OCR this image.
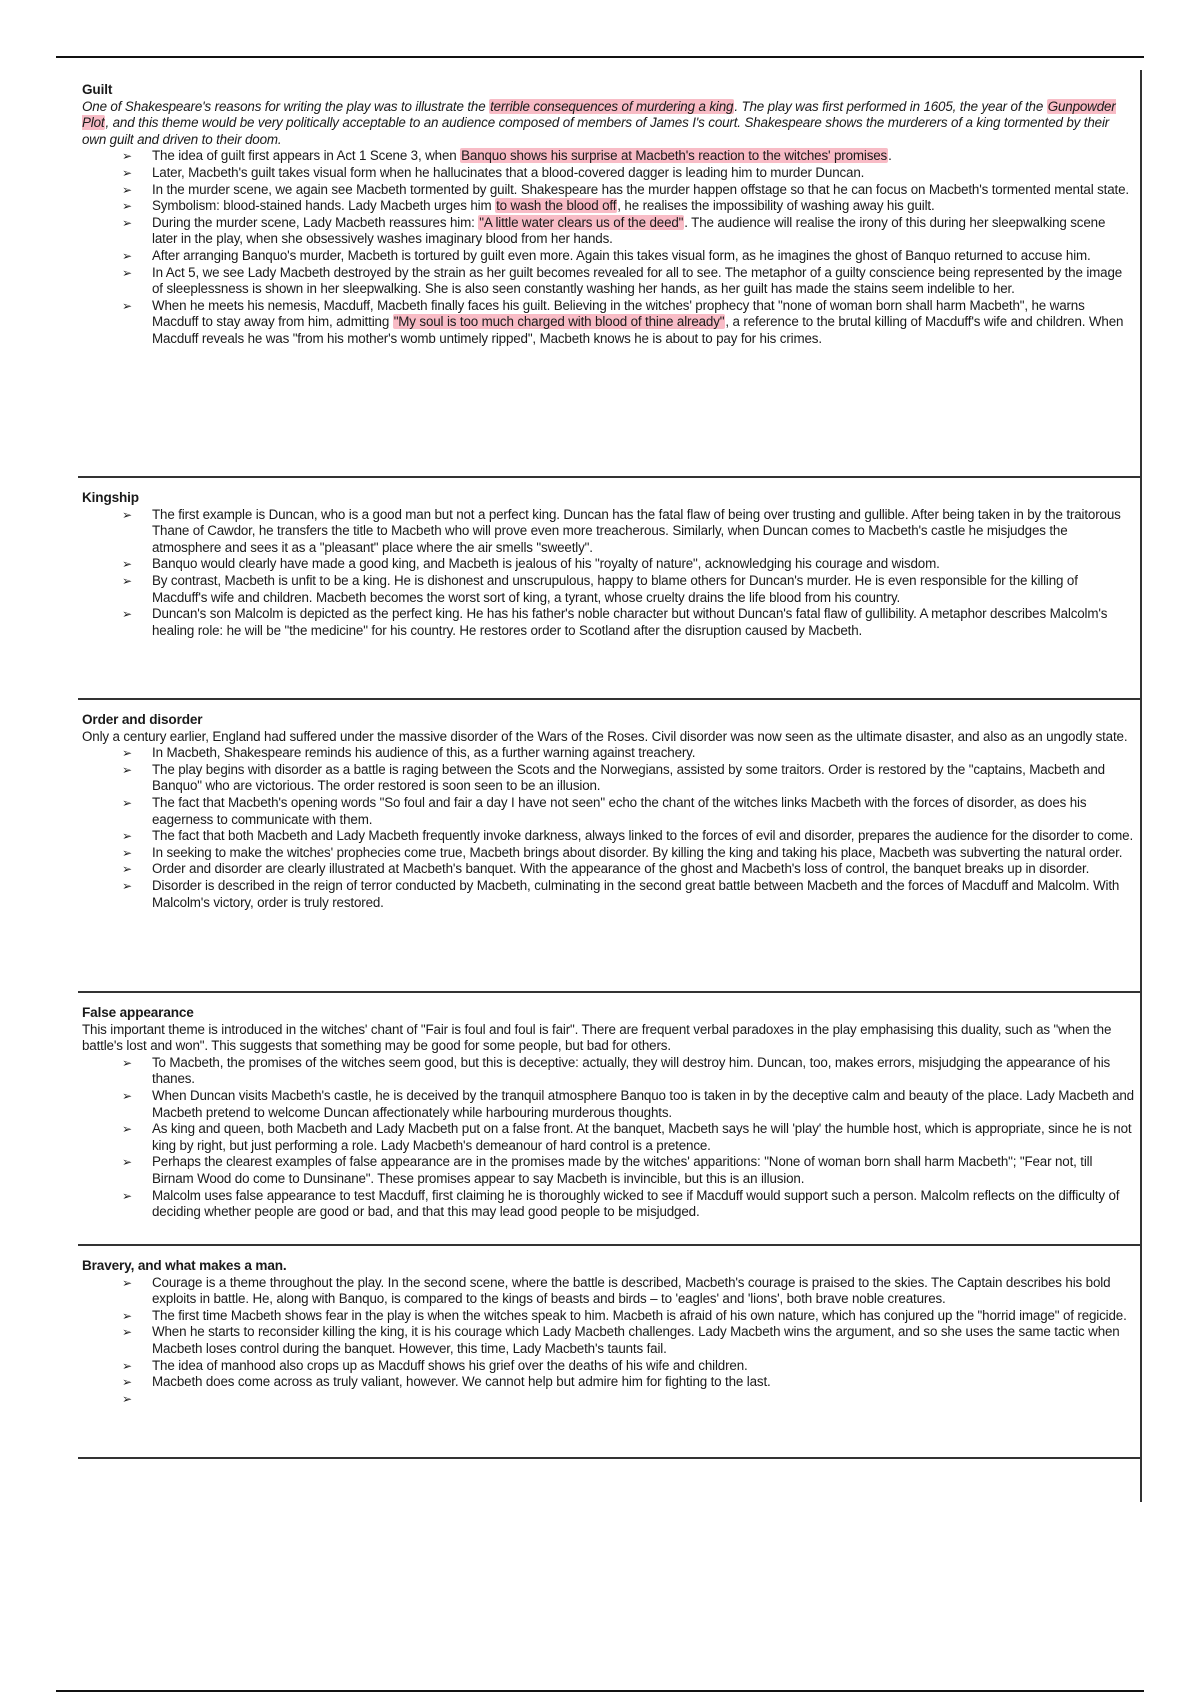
Guilt

One of Shakespeare's reasons for writing the play was to illustrate the terrible consequences of murdering a king. The play was first performed in 1605, the year of the Gunpowder Plot, and this theme would be very politically acceptable to an audience composed of members of James I's court. Shakespeare shows the murderers of a king tormented by their own guilt and driven to their doom.

➢ The idea of guilt first appears in Act 1 Scene 3, when Banquo shows his surprise at Macbeth's reaction to the witches' promises.
➢ Later, Macbeth's guilt takes visual form when he hallucinates that a blood-covered dagger is leading him to murder Duncan.
➢ In the murder scene, we again see Macbeth tormented by guilt. Shakespeare has the murder happen offstage so that he can focus on Macbeth's tormented mental state.
➢ Symbolism: blood-stained hands. Lady Macbeth urges him to wash the blood off, he realises the impossibility of washing away his guilt.
➢ During the murder scene, Lady Macbeth reassures him: "A little water clears us of the deed". The audience will realise the irony of this during her sleepwalking scene later in the play, when she obsessively washes imaginary blood from her hands.
➢ After arranging Banquo's murder, Macbeth is tortured by guilt even more. Again this takes visual form, as he imagines the ghost of Banquo returned to accuse him.
➢ In Act 5, we see Lady Macbeth destroyed by the strain as her guilt becomes revealed for all to see. The metaphor of a guilty conscience being represented by the image of sleeplessness is shown in her sleepwalking. She is also seen constantly washing her hands, as her guilt has made the stains seem indelible to her.
➢ When he meets his nemesis, Macduff, Macbeth finally faces his guilt. Believing in the witches' prophecy that "none of woman born shall harm Macbeth", he warns Macduff to stay away from him, admitting "My soul is too much charged with blood of thine already", a reference to the brutal killing of Macduff's wife and children. When Macduff reveals he was "from his mother's womb untimely ripped", Macbeth knows he is about to pay for his crimes.
Kingship
➢ The first example is Duncan, who is a good man but not a perfect king. Duncan has the fatal flaw of being over trusting and gullible. After being taken in by the traitorous Thane of Cawdor, he transfers the title to Macbeth who will prove even more treacherous. Similarly, when Duncan comes to Macbeth's castle he misjudges the atmosphere and sees it as a "pleasant" place where the air smells "sweetly".
➢ Banquo would clearly have made a good king, and Macbeth is jealous of his "royalty of nature", acknowledging his courage and wisdom.
➢ By contrast, Macbeth is unfit to be a king. He is dishonest and unscrupulous, happy to blame others for Duncan's murder. He is even responsible for the killing of Macduff's wife and children. Macbeth becomes the worst sort of king, a tyrant, whose cruelty drains the life blood from his country.
➢ Duncan's son Malcolm is depicted as the perfect king. He has his father's noble character but without Duncan's fatal flaw of gullibility. A metaphor describes Malcolm's healing role: he will be "the medicine" for his country. He restores order to Scotland after the disruption caused by Macbeth.
Order and disorder

Only a century earlier, England had suffered under the massive disorder of the Wars of the Roses. Civil disorder was now seen as the ultimate disaster, and also as an ungodly state.

➢ In Macbeth, Shakespeare reminds his audience of this, as a further warning against treachery.
➢ The play begins with disorder as a battle is raging between the Scots and the Norwegians, assisted by some traitors. Order is restored by the "captains, Macbeth and Banquo" who are victorious. The order restored is soon seen to be an illusion.
➢ The fact that Macbeth's opening words "So foul and fair a day I have not seen" echo the chant of the witches links Macbeth with the forces of disorder, as does his eagerness to communicate with them.
➢ The fact that both Macbeth and Lady Macbeth frequently invoke darkness, always linked to the forces of evil and disorder, prepares the audience for the disorder to come.
➢ In seeking to make the witches' prophecies come true, Macbeth brings about disorder. By killing the king and taking his place, Macbeth was subverting the natural order.
➢ Order and disorder are clearly illustrated at Macbeth's banquet. With the appearance of the ghost and Macbeth's loss of control, the banquet breaks up in disorder.
➢ Disorder is described in the reign of terror conducted by Macbeth, culminating in the second great battle between Macbeth and the forces of Macduff and Malcolm. With Malcolm's victory, order is truly restored.
False appearance

This important theme is introduced in the witches' chant of "Fair is foul and foul is fair". There are frequent verbal paradoxes in the play emphasising this duality, such as "when the battle's lost and won". This suggests that something may be good for some people, but bad for others.

➢ To Macbeth, the promises of the witches seem good, but this is deceptive: actually, they will destroy him. Duncan, too, makes errors, misjudging the appearance of his thanes.
➢ When Duncan visits Macbeth's castle, he is deceived by the tranquil atmosphere Banquo too is taken in by the deceptive calm and beauty of the place. Lady Macbeth and Macbeth pretend to welcome Duncan affectionately while harbouring murderous thoughts.
➢ As king and queen, both Macbeth and Lady Macbeth put on a false front. At the banquet, Macbeth says he will 'play' the humble host, which is appropriate, since he is not king by right, but just performing a role. Lady Macbeth's demeanour of hard control is a pretence.
➢ Perhaps the clearest examples of false appearance are in the promises made by the witches' apparitions: "None of woman born shall harm Macbeth"; "Fear not, till Birnam Wood do come to Dunsinane". These promises appear to say Macbeth is invincible, but this is an illusion.
➢ Malcolm uses false appearance to test Macduff, first claiming he is thoroughly wicked to see if Macduff would support such a person. Malcolm reflects on the difficulty of deciding whether people are good or bad, and that this may lead good people to be misjudged.
Bravery, and what makes a man.
➢ Courage is a theme throughout the play. In the second scene, where the battle is described, Macbeth's courage is praised to the skies. The Captain describes his bold exploits in battle. He, along with Banquo, is compared to the kings of beasts and birds – to 'eagles' and 'lions', both brave noble creatures.
➢ The first time Macbeth shows fear in the play is when the witches speak to him. Macbeth is afraid of his own nature, which has conjured up the "horrid image" of regicide.
➢ When he starts to reconsider killing the king, it is his courage which Lady Macbeth challenges. Lady Macbeth wins the argument, and so she uses the same tactic when Macbeth loses control during the banquet. However, this time, Lady Macbeth's taunts fail.
➢ The idea of manhood also crops up as Macduff shows his grief over the deaths of his wife and children.
➢ Macbeth does come across as truly valiant, however. We cannot help but admire him for fighting to the last.
➢
